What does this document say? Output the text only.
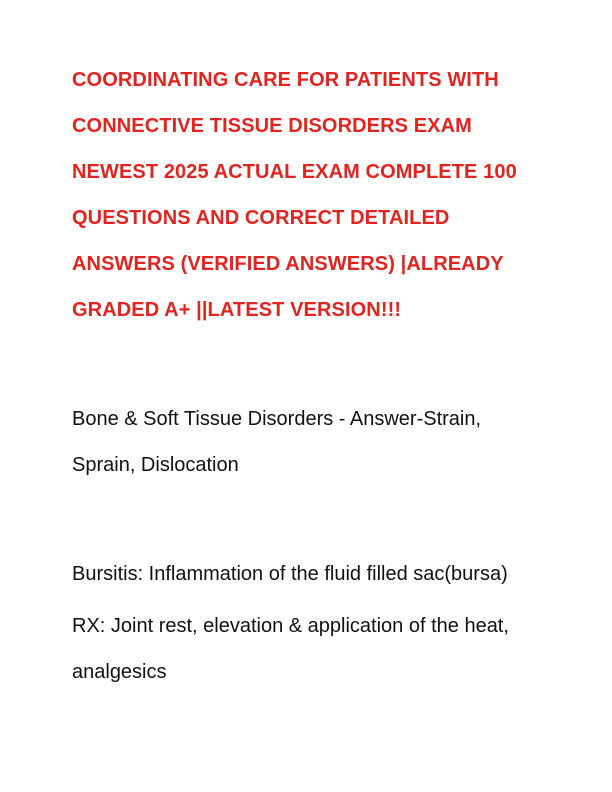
COORDINATING CARE FOR PATIENTS WITH
CONNECTIVE TISSUE DISORDERS EXAM
NEWEST 2025 ACTUAL EXAM COMPLETE 100
QUESTIONS AND CORRECT DETAILED
ANSWERS (VERIFIED ANSWERS) |ALREADY
GRADED A+ ||LATEST VERSION!!!

Bone & Soft Tissue Disorders - Answer-Strain,
Sprain, Dislocation

Bursitis: Inflammation of the fluid filled sac(bursa)

RX: Joint rest, elevation & application of the heat,
analgesics
